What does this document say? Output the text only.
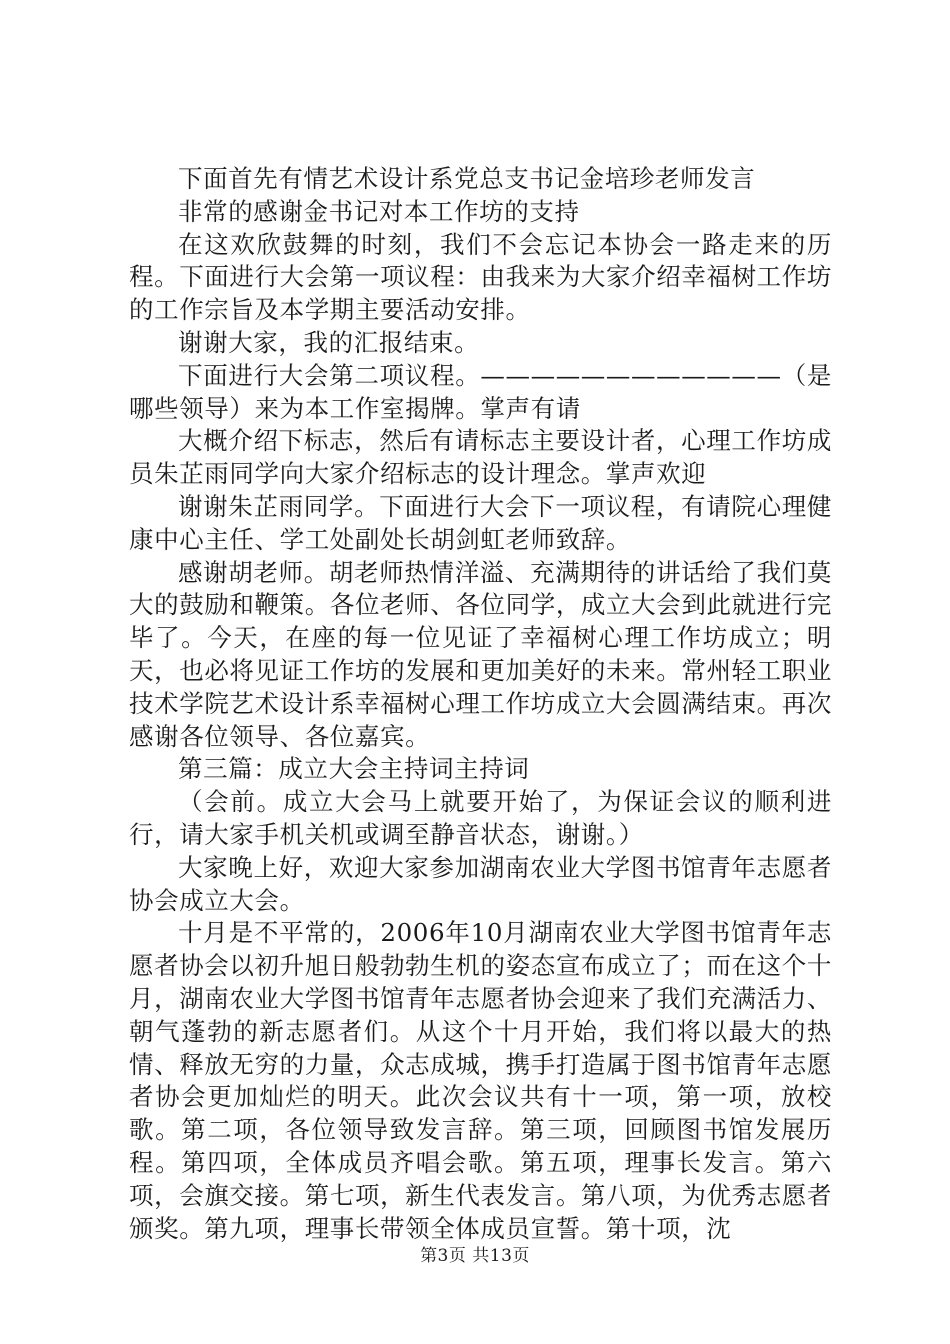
下面首先有情艺术设计系党总支书记金培珍老师发言

非常的感谢金书记对本工作坊的支持

在这欢欣鼓舞的时刻，我们不会忘记本协会一路走来的历程。下面进行大会第一项议程：由我来为大家介绍幸福树工作坊的工作宗旨及本学期主要活动安排。

谢谢大家，我的汇报结束。

下面进行大会第二项议程。————————————（是哪些领导）来为本工作室揭牌。掌声有请

大概介绍下标志，然后有请标志主要设计者，心理工作坊成员朱芷雨同学向大家介绍标志的设计理念。掌声欢迎

谢谢朱芷雨同学。下面进行大会下一项议程，有请院心理健康中心主任、学工处副处长胡剑虹老师致辞。

感谢胡老师。胡老师热情洋溢、充满期待的讲话给了我们莫大的鼓励和鞭策。各位老师、各位同学，成立大会到此就进行完毕了。今天，在座的每一位见证了幸福树心理工作坊成立；明天，也必将见证工作坊的发展和更加美好的未来。常州轻工职业技术学院艺术设计系幸福树心理工作坊成立大会圆满结束。再次感谢各位领导、各位嘉宾。

第三篇：成立大会主持词主持词

（会前。成立大会马上就要开始了，为保证会议的顺利进行，请大家手机关机或调至静音状态，谢谢。）

大家晚上好，欢迎大家参加湖南农业大学图书馆青年志愿者协会成立大会。

十月是不平常的，2006年10月湖南农业大学图书馆青年志愿者协会以初升旭日般勃勃生机的姿态宣布成立了；而在这个十月，湖南农业大学图书馆青年志愿者协会迎来了我们充满活力、朝气蓬勃的新志愿者们。从这个十月开始，我们将以最大的热情、释放无穷的力量，众志成城，携手打造属于图书馆青年志愿者协会更加灿烂的明天。此次会议共有十一项，第一项，放校歌。第二项，各位领导致发言辞。第三项，回顾图书馆发展历程。第四项，全体成员齐唱会歌。第五项，理事长发言。第六项，会旗交接。第七项，新生代表发言。第八项，为优秀志愿者颁奖。第九项，理事长带领全体成员宣誓。第十项，沈

第3页 共13页
